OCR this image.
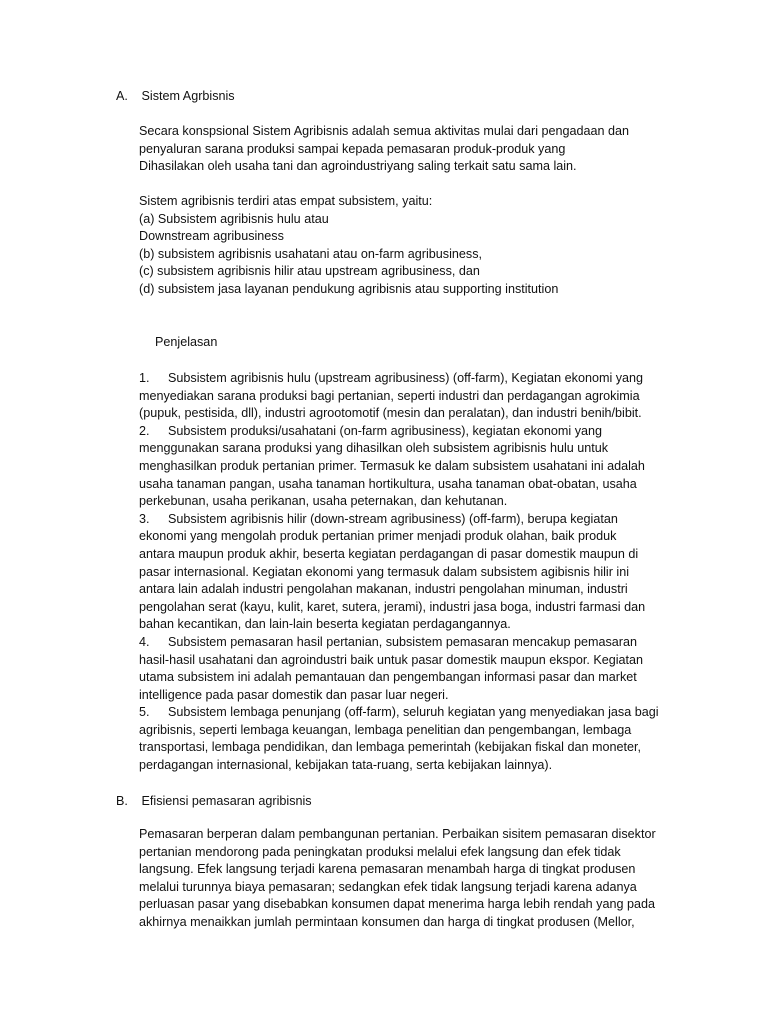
A. Sistem Agrbisnis
Secara konspsional Sistem Agribisnis adalah semua aktivitas mulai dari pengadaan dan
penyaluran sarana produksi sampai kepada pemasaran produk-produk yang
Dihasilakan oleh usaha tani dan agroindustriyang saling terkait satu sama lain.
Sistem agribisnis terdiri atas empat subsistem, yaitu:
(a) Subsistem agribisnis hulu atau
Downstream agribusiness
(b) subsistem agribisnis usahatani atau on-farm agribusiness,
(c) subsistem agribisnis hilir atau upstream agribusiness, dan
(d) subsistem jasa layanan pendukung agribisnis atau supporting institution
Penjelasan
1.	Subsistem agribisnis hulu (upstream agribusiness) (off-farm), Kegiatan ekonomi yang
menyediakan sarana produksi bagi pertanian, seperti industri dan perdagangan agrokimia
(pupuk, pestisida, dll), industri agrootomotif (mesin dan peralatan), dan industri benih/bibit.
2.	Subsistem produksi/usahatani (on-farm agribusiness), kegiatan ekonomi yang
menggunakan sarana produksi yang dihasilkan oleh subsistem agribisnis hulu untuk
menghasilkan produk pertanian primer. Termasuk ke dalam subsistem usahatani ini adalah
usaha tanaman pangan, usaha tanaman hortikultura, usaha tanaman obat-obatan, usaha
perkebunan, usaha perikanan, usaha peternakan, dan kehutanan.
3.	Subsistem agribisnis hilir (down-stream agribusiness) (off-farm), berupa kegiatan
ekonomi yang mengolah produk pertanian primer menjadi produk olahan, baik produk
antara maupun produk akhir, beserta kegiatan perdagangan di pasar domestik maupun di
pasar internasional. Kegiatan ekonomi yang termasuk dalam subsistem agibisnis hilir ini
antara lain adalah industri pengolahan makanan, industri pengolahan minuman, industri
pengolahan serat (kayu, kulit, karet, sutera, jerami), industri jasa boga, industri farmasi dan
bahan kecantikan, dan lain-lain beserta kegiatan perdagangannya.
4.	Subsistem pemasaran hasil pertanian, subsistem pemasaran mencakup pemasaran
hasil-hasil usahatani dan agroindustri baik untuk pasar domestik maupun ekspor. Kegiatan
utama subsistem ini adalah pemantauan dan pengembangan informasi pasar dan market
intelligence pada pasar domestik dan pasar luar negeri.
5.	Subsistem lembaga penunjang (off-farm), seluruh kegiatan yang menyediakan jasa bagi
agribisnis, seperti lembaga keuangan, lembaga penelitian dan pengembangan, lembaga
transportasi, lembaga pendidikan, dan lembaga pemerintah (kebijakan fiskal dan moneter,
perdagangan internasional, kebijakan tata-ruang, serta kebijakan lainnya).
B. Efisiensi pemasaran agribisnis
Pemasaran berperan dalam pembangunan pertanian. Perbaikan sisitem pemasaran disektor
pertanian mendorong pada peningkatan produksi melalui efek langsung dan efek tidak
langsung. Efek langsung terjadi karena pemasaran menambah harga di tingkat produsen
melalui turunnya biaya pemasaran; sedangkan efek tidak langsung terjadi karena adanya
perluasan pasar yang disebabkan konsumen dapat menerima harga lebih rendah yang pada
akhirnya menaikkan jumlah permintaan konsumen dan harga di tingkat produsen (Mellor,
